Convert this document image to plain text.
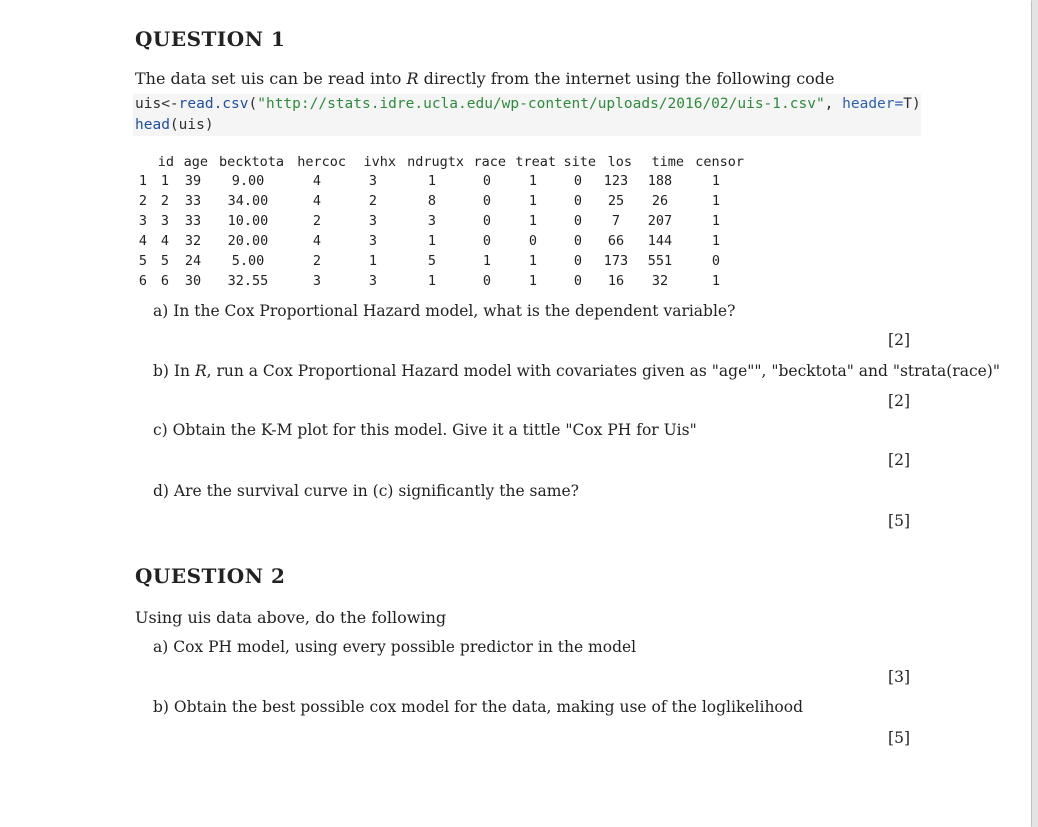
QUESTION 1
The data set uis can be read into R directly from the internet using the following code
uis<-read.csv("http://stats.idre.ucla.edu/wp-content/uploads/2016/02/uis-1.csv", header=T)
head(uis)
	id	age	becktota	hercoc	ivhx	ndrugtx	race	treat	site	los	time	censor
1	1	39	9.00	4	3	1	0	1	0	123	188	1
2	2	33	34.00	4	2	8	0	1	0	25	26	1
3	3	33	10.00	2	3	3	0	1	0	7	207	1
4	4	32	20.00	4	3	1	0	0	0	66	144	1
5	5	24	5.00	2	1	5	1	1	0	173	551	0
6	6	30	32.55	3	3	1	0	1	0	16	32	1
a) In the Cox Proportional Hazard model, what is the dependent variable?
[2]
b) In R, run a Cox Proportional Hazard model with covariates given as "age"", "becktota" and "strata(race)"
[2]
c) Obtain the K-M plot for this model. Give it a tittle "Cox PH for Uis"
[2]
d) Are the survival curve in (c) significantly the same?
[5]
QUESTION 2
Using uis data above, do the following
a) Cox PH model, using every possible predictor in the model
[3]
b) Obtain the best possible cox model for the data, making use of the loglikelihood
[5]
